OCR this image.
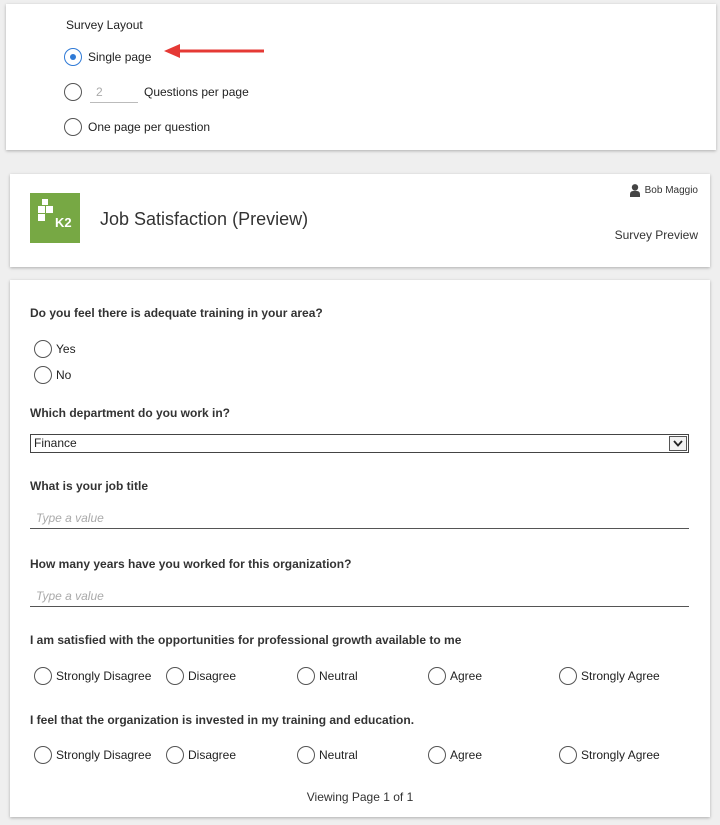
Survey Layout
Single page
2
Questions per page
One page per question
K2 Job Satisfaction (Preview)
Bob Maggio
Survey Preview
Do you feel there is adequate training in your area?
Yes
No
Which department do you work in?
Finance
What is your job title
Type a value
How many years have you worked for this organization?
Type a value
I am satisfied with the opportunities for professional growth available to me
Strongly Disagree	Disagree	Neutral	Agree	Strongly Agree
I feel that the organization is invested in my training and education.
Strongly Disagree	Disagree	Neutral	Agree	Strongly Agree
Viewing Page 1 of 1
